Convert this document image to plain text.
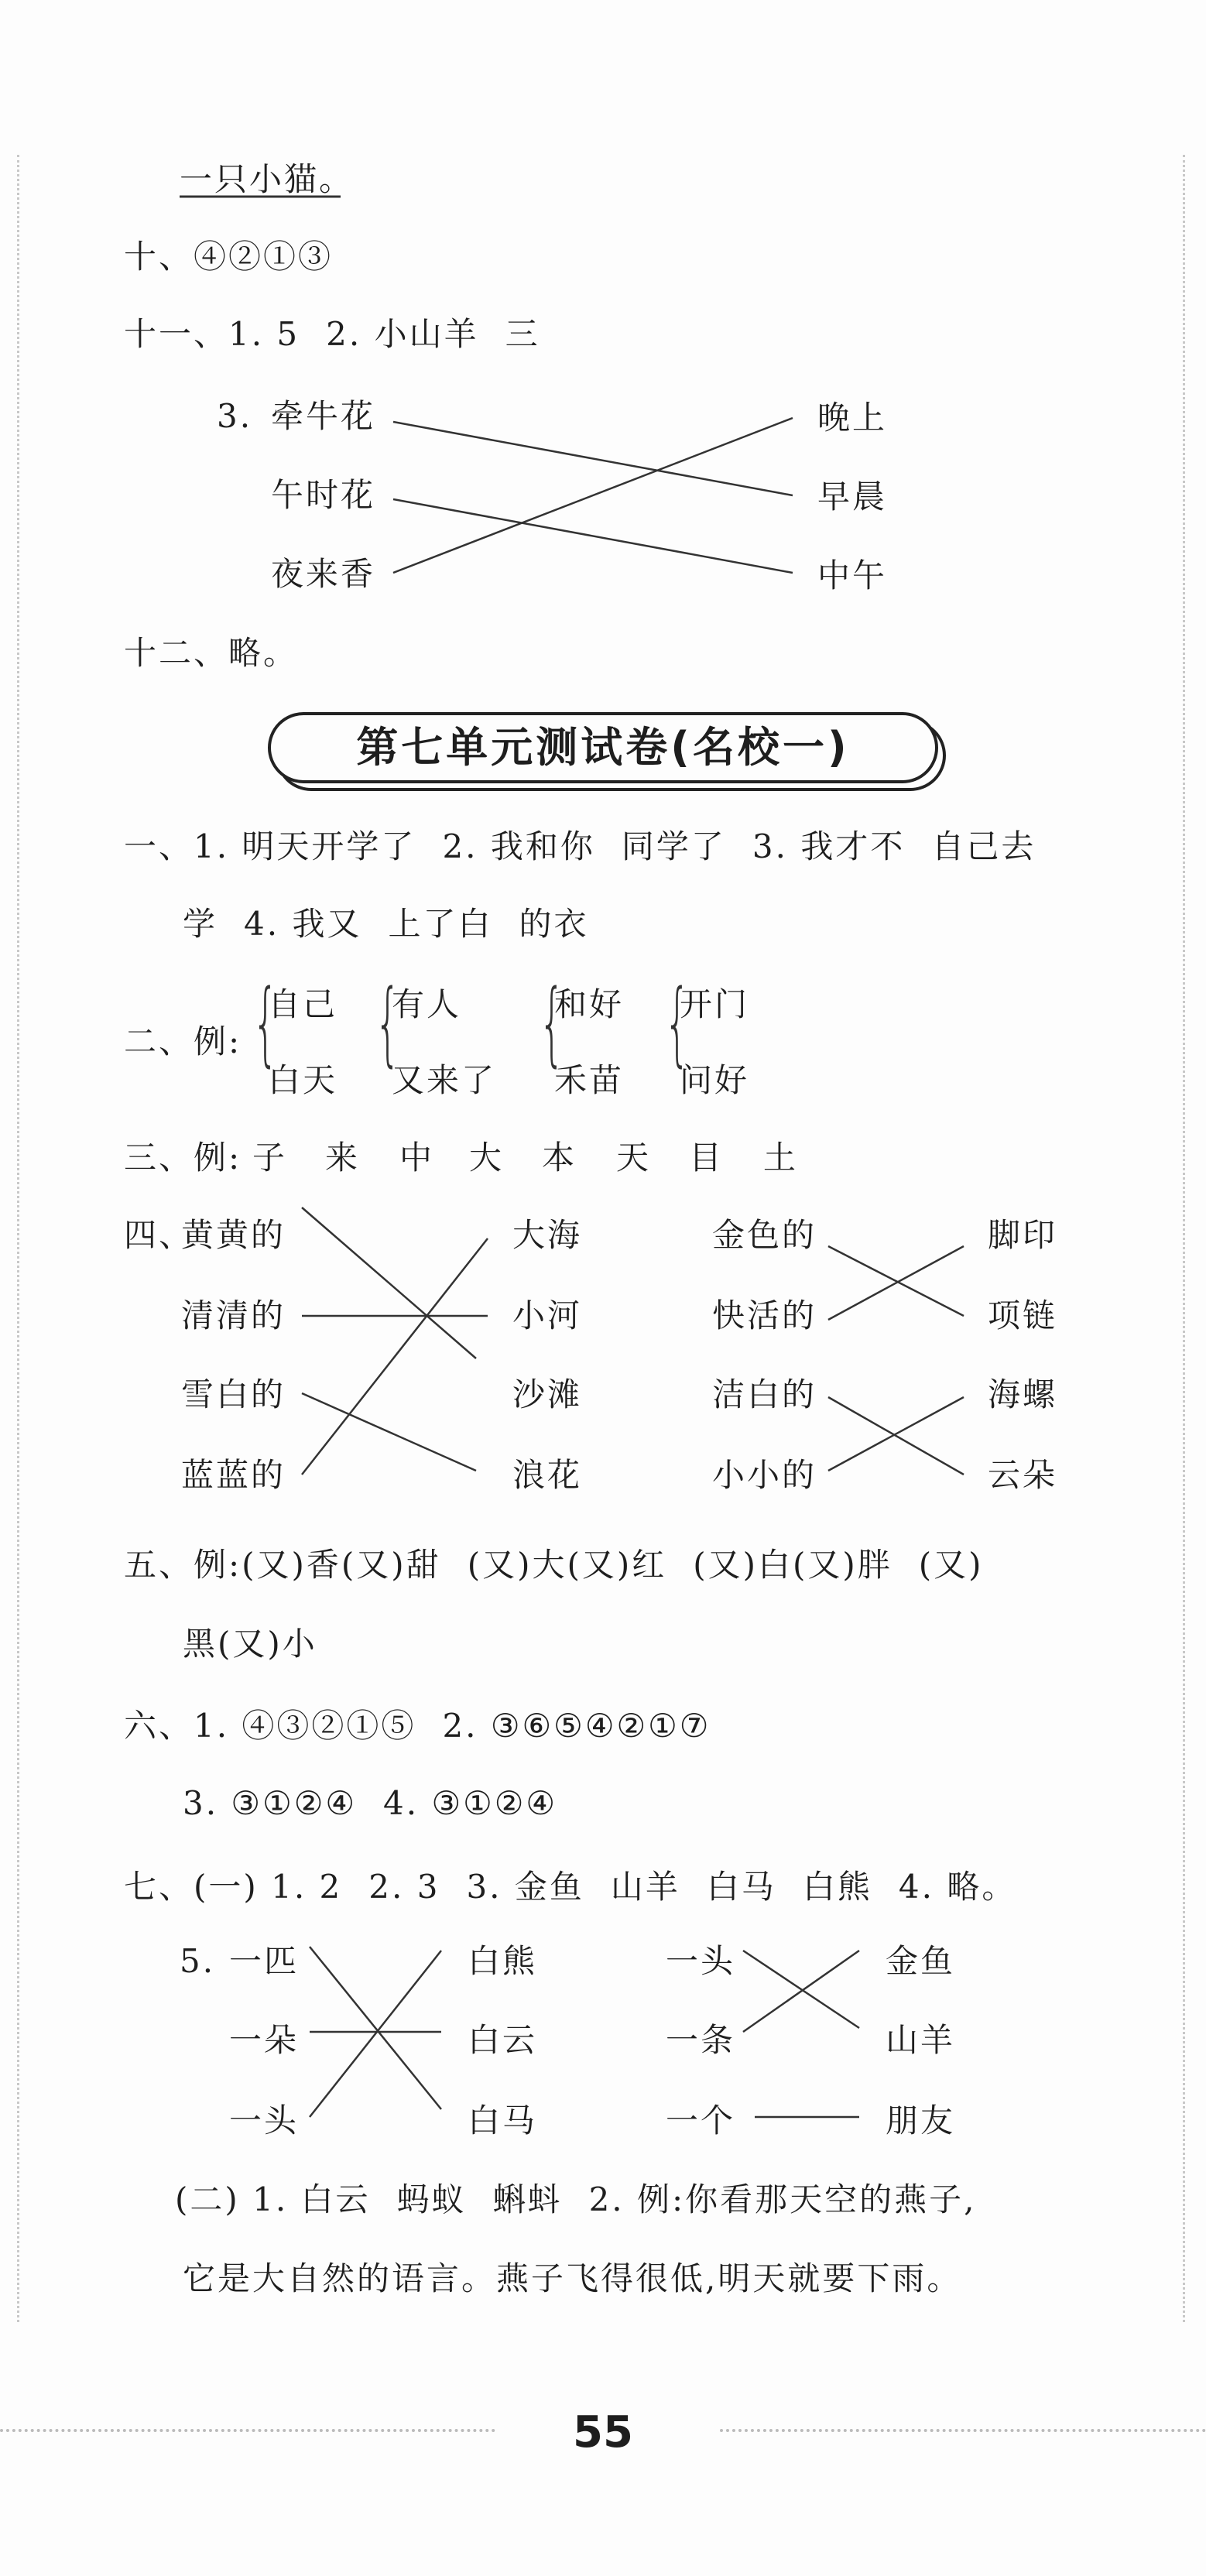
一只小猫。
十、④②①③
十一、1. 5 2. 小山羊 三
3. 牵牛花
午时花
夜来香
晚上
早晨
中午
十二、略。
第七单元测试卷(名校一)
一、1. 明天开学了 2. 我和你 同学了 3. 我才不 自己去
学 4. 我又 上了白 的衣
二、例: { { { {
自己
白天
有人
又来了
和好
禾苗
开门
问好
三、例: 子 来 中 大 本 天 目 土
四、
黄黄的
清清的
雪白的
蓝蓝的
大海
小河
沙滩
浪花
金色的
快活的
洁白的
小小的
脚印
项链
海螺
云朵
五、例:(又)香(又)甜 (又)大(又)红 (又)白(又)胖 (又)
黑(又)小
六、1. ④③②①⑤ 2. ③⑥⑤④②①⑦
3. ③①②④ 4. ③①②④
七、(一) 1. 2 2. 3 3. 金鱼 山羊 白马 白熊 4. 略。
5. 一匹
一朵
一头
白熊
白云
白马
一头
一条
一个
金鱼
山羊
朋友
(二) 1. 白云 蚂蚁 蝌蚪 2. 例:你看那天空的燕子,
它是大自然的语言。燕子飞得很低,明天就要下雨。
55
